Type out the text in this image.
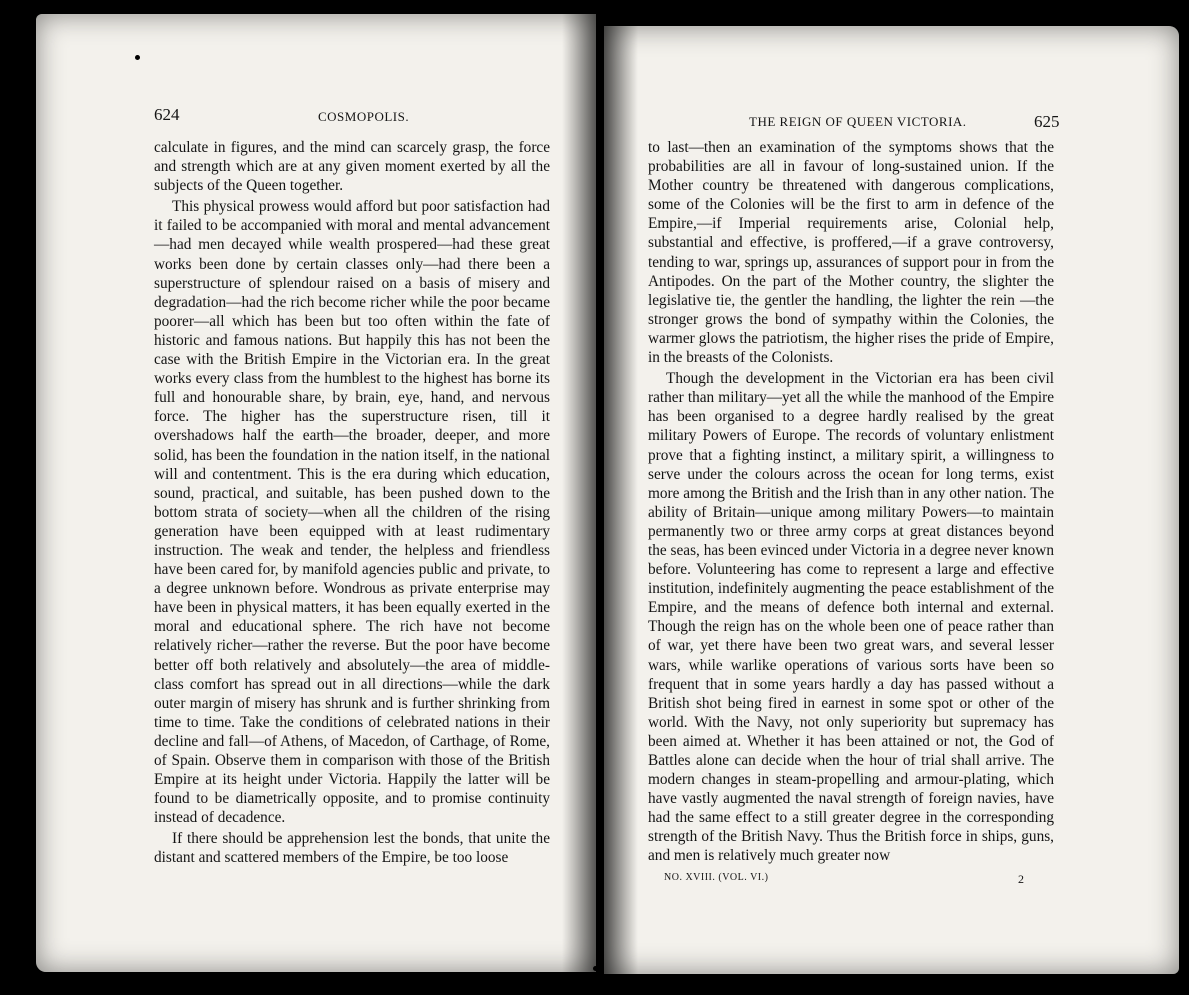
624	COSMOPOLIS.

calculate in figures, and the mind can scarcely grasp, the force and strength which are at any given moment exerted by all the subjects of the Queen together.

This physical prowess would afford but poor satisfaction had it failed to be accompanied with moral and mental advancement—had men decayed while wealth prospered—had these great works been done by certain classes only—had there been a superstructure of splendour raised on a basis of misery and degradation—had the rich become richer while the poor became poorer—all which has been but too often within the fate of historic and famous nations. But happily this has not been the case with the British Empire in the Victorian era. In the great works every class from the humblest to the highest has borne its full and honourable share, by brain, eye, hand, and nervous force. The higher has the superstructure risen, till it overshadows half the earth—the broader, deeper, and more solid, has been the foundation in the nation itself, in the national will and contentment. This is the era during which education, sound, practical, and suitable, has been pushed down to the bottom strata of society—when all the children of the rising generation have been equipped with at least rudimentary instruction. The weak and tender, the helpless and friendless have been cared for, by manifold agencies public and private, to a degree unknown before. Wondrous as private enterprise may have been in physical matters, it has been equally exerted in the moral and educational sphere. The rich have not become relatively richer—rather the reverse. But the poor have become better off both relatively and absolutely—the area of middle-class comfort has spread out in all directions—while the dark outer margin of misery has shrunk and is further shrinking from time to time. Take the conditions of celebrated nations in their decline and fall—of Athens, of Macedon, of Carthage, of Rome, of Spain. Observe them in comparison with those of the British Empire at its height under Victoria. Happily the latter will be found to be diametrically opposite, and to promise continuity instead of decadence.

If there should be apprehension lest the bonds, that unite the distant and scattered members of the Empire, be too loose

THE REIGN OF QUEEN VICTORIA.	625

to last—then an examination of the symptoms shows that the probabilities are all in favour of long-sustained union. If the Mother country be threatened with dangerous complications, some of the Colonies will be the first to arm in defence of the Empire,—if Imperial requirements arise, Colonial help, substantial and effective, is proffered,—if a grave controversy, tending to war, springs up, assurances of support pour in from the Antipodes. On the part of the Mother country, the slighter the legislative tie, the gentler the handling, the lighter the rein —the stronger grows the bond of sympathy within the Colonies, the warmer glows the patriotism, the higher rises the pride of Empire, in the breasts of the Colonists.

Though the development in the Victorian era has been civil rather than military—yet all the while the manhood of the Empire has been organised to a degree hardly realised by the great military Powers of Europe. The records of voluntary enlistment prove that a fighting instinct, a military spirit, a willingness to serve under the colours across the ocean for long terms, exist more among the British and the Irish than in any other nation. The ability of Britain—unique among military Powers—to maintain permanently two or three army corps at great distances beyond the seas, has been evinced under Victoria in a degree never known before. Volunteering has come to represent a large and effective institution, indefinitely augmenting the peace establishment of the Empire, and the means of defence both internal and external. Though the reign has on the whole been one of peace rather than of war, yet there have been two great wars, and several lesser wars, while warlike operations of various sorts have been so frequent that in some years hardly a day has passed without a British shot being fired in earnest in some spot or other of the world. With the Navy, not only superiority but supremacy has been aimed at. Whether it has been attained or not, the God of Battles alone can decide when the hour of trial shall arrive. The modern changes in steam-propelling and armour-plating, which have vastly augmented the naval strength of foreign navies, have had the same effect to a still greater degree in the corresponding strength of the British Navy. Thus the British force in ships, guns, and men is relatively much greater now

NO. XVIII. (VOL. VI.)	2
